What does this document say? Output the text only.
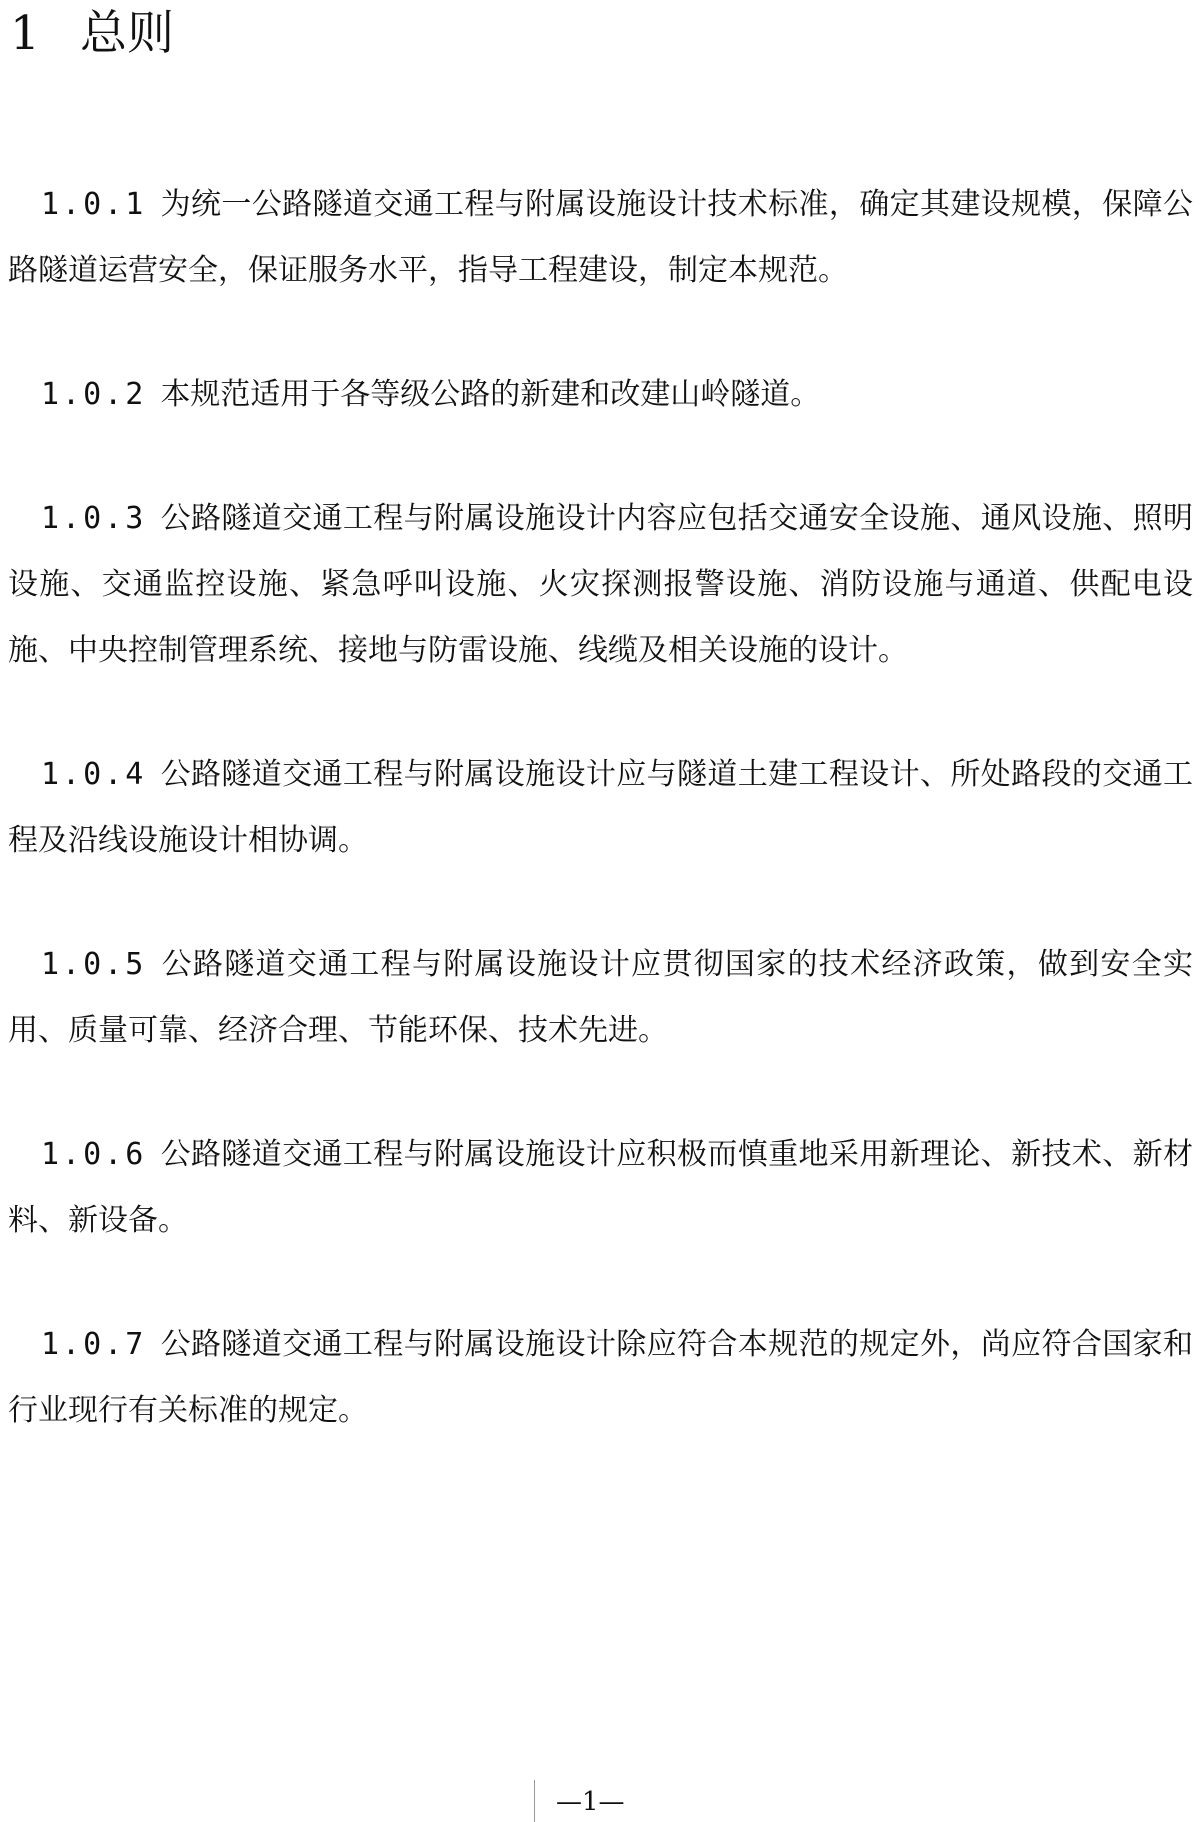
1 总则

1.0.1 为统一公路隧道交通工程与附属设施设计技术标准，确定其建设规模，保障公路隧道运营安全，保证服务水平，指导工程建设，制定本规范。

1.0.2 本规范适用于各等级公路的新建和改建山岭隧道。

1.0.3 公路隧道交通工程与附属设施设计内容应包括交通安全设施、通风设施、照明设施、交通监控设施、紧急呼叫设施、火灾探测报警设施、消防设施与通道、供配电设施、中央控制管理系统、接地与防雷设施、线缆及相关设施的设计。

1.0.4 公路隧道交通工程与附属设施设计应与隧道土建工程设计、所处路段的交通工程及沿线设施设计相协调。

1.0.5 公路隧道交通工程与附属设施设计应贯彻国家的技术经济政策，做到安全实用、质量可靠、经济合理、节能环保、技术先进。

1.0.6 公路隧道交通工程与附属设施设计应积极而慎重地采用新理论、新技术、新材料、新设备。

1.0.7 公路隧道交通工程与附属设施设计除应符合本规范的规定外，尚应符合国家和行业现行有关标准的规定。

—1—
